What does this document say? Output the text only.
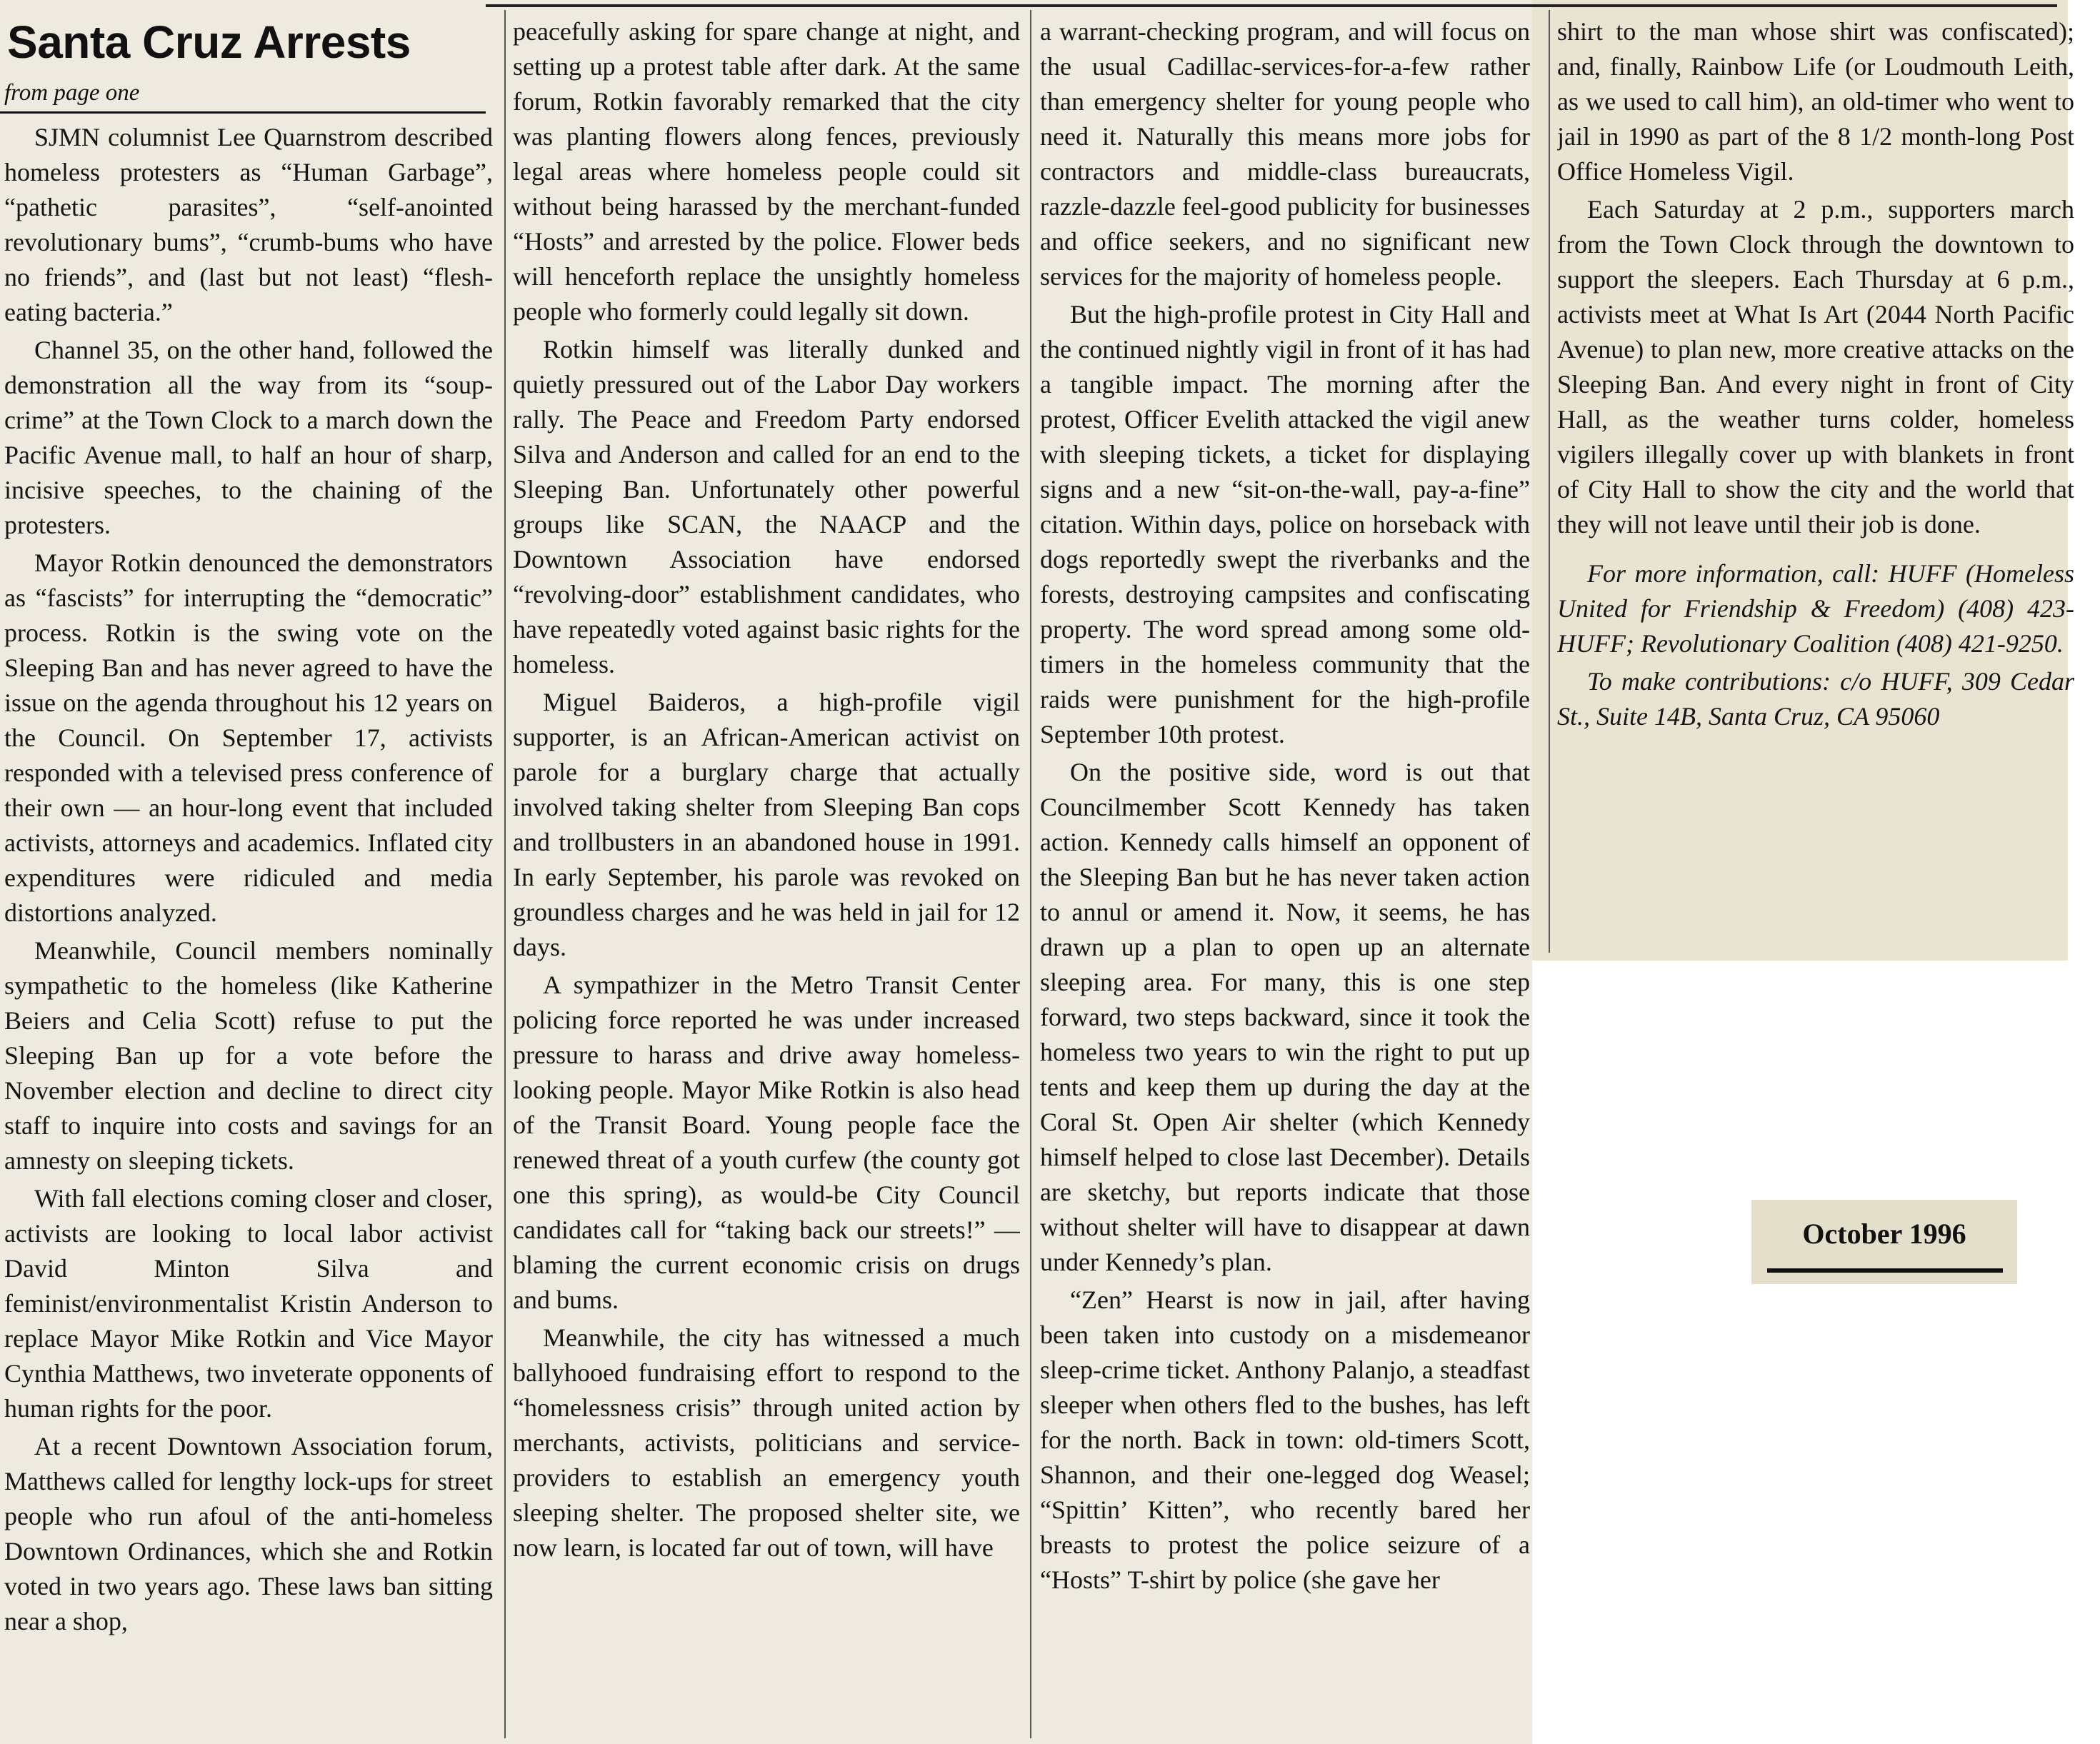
Santa Cruz Arrests
from page one

SJMN columnist Lee Quarnstrom described homeless protesters as “Human Garbage”, “pathetic parasites”, “self-anointed revolutionary bums”, “crumb-bums who have no friends”, and (last but not least) “flesh-eating bacteria.”

Channel 35, on the other hand, followed the demonstration all the way from its “soup-crime” at the Town Clock to a march down the Pacific Avenue mall, to half an hour of sharp, incisive speeches, to the chaining of the protesters.

Mayor Rotkin denounced the demonstrators as “fascists” for interrupting the “democratic” process. Rotkin is the swing vote on the Sleeping Ban and has never agreed to have the issue on the agenda throughout his 12 years on the Council. On September 17, activists responded with a televised press conference of their own — an hour-long event that included activists, attorneys and academics. Inflated city expenditures were ridiculed and media distortions analyzed.

Meanwhile, Council members nominally sympathetic to the homeless (like Katherine Beiers and Celia Scott) refuse to put the Sleeping Ban up for a vote before the November election and decline to direct city staff to inquire into costs and savings for an amnesty on sleeping tickets.

With fall elections coming closer and closer, activists are looking to local labor activist David Minton Silva and feminist/environmentalist Kristin Anderson to replace Mayor Mike Rotkin and Vice Mayor Cynthia Matthews, two inveterate opponents of human rights for the poor.

At a recent Downtown Association forum, Matthews called for lengthy lock-ups for street people who run afoul of the anti-homeless Downtown Ordinances, which she and Rotkin voted in two years ago. These laws ban sitting near a shop,

peacefully asking for spare change at night, and setting up a protest table after dark. At the same forum, Rotkin favorably remarked that the city was planting flowers along fences, previously legal areas where homeless people could sit without being harassed by the merchant-funded “Hosts” and arrested by the police. Flower beds will henceforth replace the unsightly homeless people who formerly could legally sit down.

Rotkin himself was literally dunked and quietly pressured out of the Labor Day workers rally. The Peace and Freedom Party endorsed Silva and Anderson and called for an end to the Sleeping Ban. Unfortunately other powerful groups like SCAN, the NAACP and the Downtown Association have endorsed “revolving-door” establishment candidates, who have repeatedly voted against basic rights for the homeless.

Miguel Baideros, a high-profile vigil supporter, is an African-American activist on parole for a burglary charge that actually involved taking shelter from Sleeping Ban cops and trollbusters in an abandoned house in 1991. In early September, his parole was revoked on groundless charges and he was held in jail for 12 days.

A sympathizer in the Metro Transit Center policing force reported he was under increased pressure to harass and drive away homeless-looking people. Mayor Mike Rotkin is also head of the Transit Board. Young people face the renewed threat of a youth curfew (the county got one this spring), as would-be City Council candidates call for “taking back our streets!” — blaming the current economic crisis on drugs and bums.

Meanwhile, the city has witnessed a much ballyhooed fundraising effort to respond to the “homelessness crisis” through united action by merchants, activists, politicians and service-providers to establish an emergency youth sleeping shelter. The proposed shelter site, we now learn, is located far out of town, will have

a warrant-checking program, and will focus on the usual Cadillac-services-for-a-few rather than emergency shelter for young people who need it. Naturally this means more jobs for contractors and middle-class bureaucrats, razzle-dazzle feel-good publicity for businesses and office seekers, and no significant new services for the majority of homeless people.

But the high-profile protest in City Hall and the continued nightly vigil in front of it has had a tangible impact. The morning after the protest, Officer Evelith attacked the vigil anew with sleeping tickets, a ticket for displaying signs and a new “sit-on-the-wall, pay-a-fine” citation. Within days, police on horseback with dogs reportedly swept the riverbanks and the forests, destroying campsites and confiscating property. The word spread among some old-timers in the homeless community that the raids were punishment for the high-profile September 10th protest.

On the positive side, word is out that Councilmember Scott Kennedy has taken action. Kennedy calls himself an opponent of the Sleeping Ban but he has never taken action to annul or amend it. Now, it seems, he has drawn up a plan to open up an alternate sleeping area. For many, this is one step forward, two steps backward, since it took the homeless two years to win the right to put up tents and keep them up during the day at the Coral St. Open Air shelter (which Kennedy himself helped to close last December). Details are sketchy, but reports indicate that those without shelter will have to disappear at dawn under Kennedy’s plan.

“Zen” Hearst is now in jail, after having been taken into custody on a misdemeanor sleep-crime ticket. Anthony Palanjo, a steadfast sleeper when others fled to the bushes, has left for the north. Back in town: old-timers Scott, Shannon, and their one-legged dog Weasel; “Spittin’ Kitten”, who recently bared her breasts to protest the police seizure of a “Hosts” T-shirt by police (she gave her

shirt to the man whose shirt was confiscated); and, finally, Rainbow Life (or Loudmouth Leith, as we used to call him), an old-timer who went to jail in 1990 as part of the 8 1/2 month-long Post Office Homeless Vigil.

Each Saturday at 2 p.m., supporters march from the Town Clock through the downtown to support the sleepers. Each Thursday at 6 p.m., activists meet at What Is Art (2044 North Pacific Avenue) to plan new, more creative attacks on the Sleeping Ban. And every night in front of City Hall, as the weather turns colder, homeless vigilers illegally cover up with blankets in front of City Hall to show the city and the world that they will not leave until their job is done.

For more information, call: HUFF (Homeless United for Friendship & Freedom) (408) 423-HUFF; Revolutionary Coalition (408) 421-9250.

To make contributions: c/o HUFF, 309 Cedar St., Suite 14B, Santa Cruz, CA 95060

October 1996
